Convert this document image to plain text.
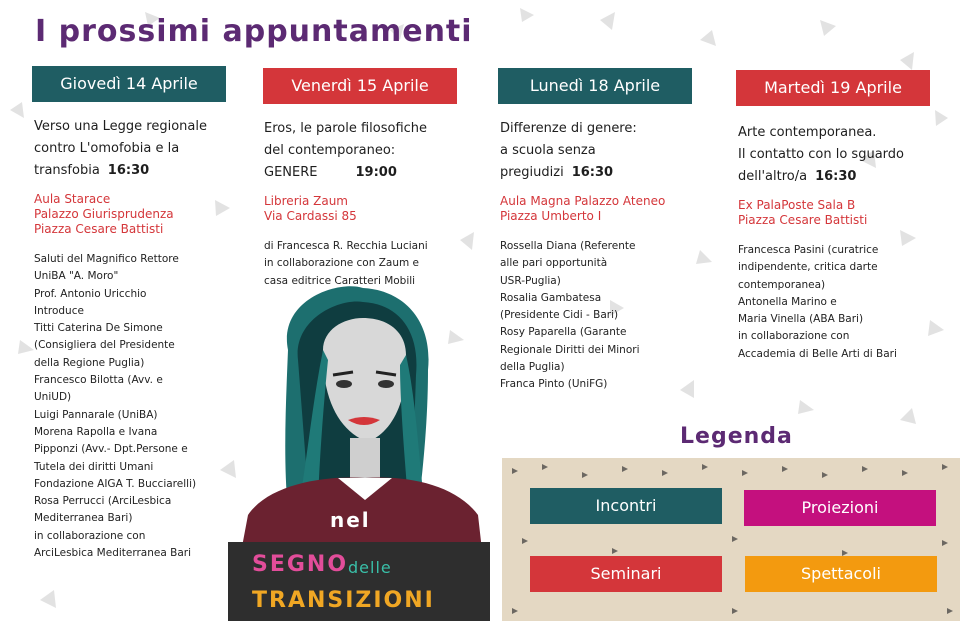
I prossimi appuntamenti
Giovedì 14 Aprile
Verso una Legge regionale
contro L'omofobia e la
transfobia 16:30
Aula Starace
Palazzo Giurisprudenza
Piazza Cesare Battisti
Saluti del Magnifico Rettore
UniBA "A. Moro"
Prof. Antonio Uricchio
Introduce
Titti Caterina De Simone
(Consigliera del Presidente
della Regione Puglia)
Francesco Bilotta (Avv. e
UniUD)
Luigi Pannarale (UniBA)
Morena Rapolla e Ivana
Pipponzi (Avv.- Dpt.Persone e
Tutela dei diritti Umani
Fondazione AIGA T. Bucciarelli)
Rosa Perrucci (ArciLesbica
Mediterranea Bari)
in collaborazione con
ArciLesbica Mediterranea Bari
Venerdì 15 Aprile
Eros, le parole filosofiche
del contemporaneo:
GENERE	19:00
Libreria Zaum
Via Cardassi 85
di Francesca R. Recchia Luciani
in collaborazione con Zaum e
casa editrice Caratteri Mobili
Lunedì 18 Aprile
Differenze di genere:
a scuola senza
pregiudizi 16:30
Aula Magna Palazzo Ateneo
Piazza Umberto I
Rossella Diana (Referente
alle pari opportunità
USR-Puglia)
Rosalia Gambatesa
(Presidente Cidi - Bari)
Rosy Paparella (Garante
Regionale Diritti dei Minori
della Puglia)
Franca Pinto (UniFG)
Martedì 19 Aprile
Arte contemporanea.
Il contatto con lo sguardo
dell'altro/a 16:30
Ex PalaPoste Sala B
Piazza Cesare Battisti
Francesca Pasini (curatrice
indipendente, critica darte
contemporanea)
Antonella Marino e
Maria Vinella (ABA Bari)
in collaborazione con
Accademia di Belle Arti di Bari
nel
SEGNO delle
TRANSIZIONI
Legenda
Incontri	Proiezioni
Seminari	Spettacoli
